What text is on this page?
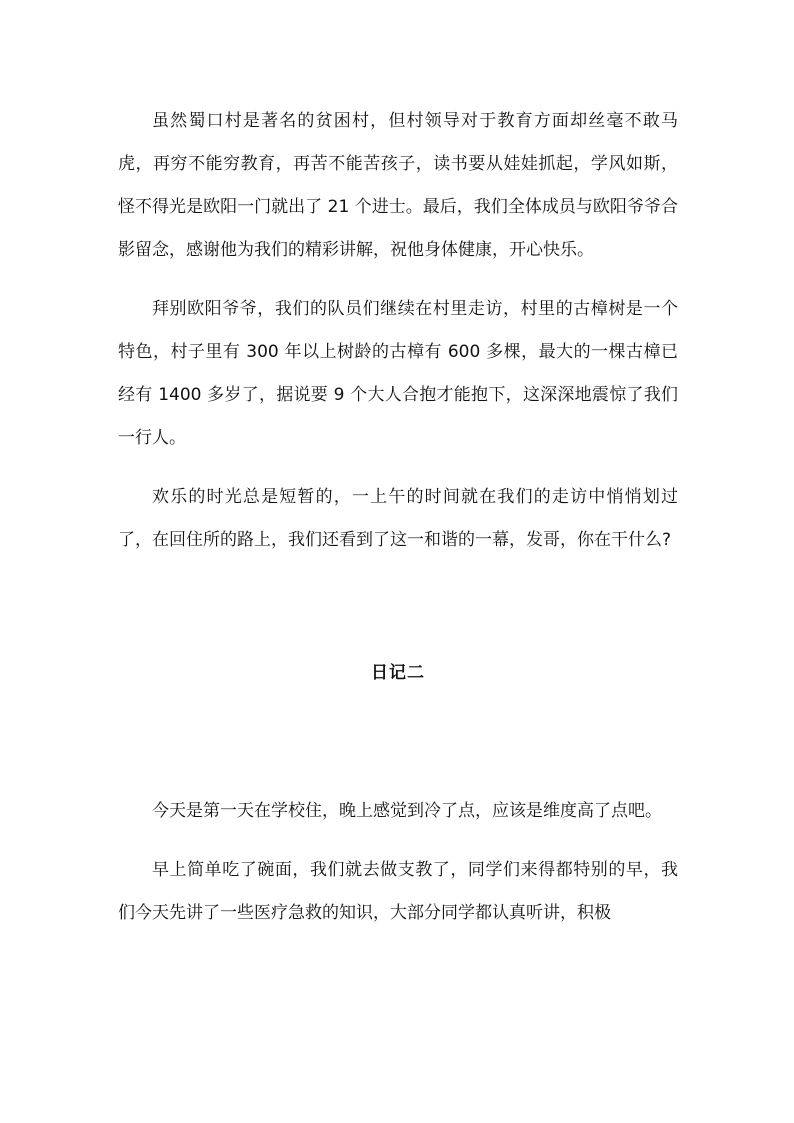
虽然蜀口村是著名的贫困村，但村领导对于教育方面却丝毫不敢马虎，再穷不能穷教育，再苦不能苦孩子，读书要从娃娃抓起，学风如斯，怪不得光是欧阳一门就出了 21 个进士。最后，我们全体成员与欧阳爷爷合影留念，感谢他为我们的精彩讲解，祝他身体健康，开心快乐。

拜别欧阳爷爷，我们的队员们继续在村里走访，村里的古樟树是一个特色，村子里有 300 年以上树龄的古樟有 600 多棵，最大的一棵古樟已经有 1400 多岁了，据说要 9 个大人合抱才能抱下，这深深地震惊了我们一行人。

欢乐的时光总是短暂的，一上午的时间就在我们的走访中悄悄划过了，在回住所的路上，我们还看到了这一和谐的一幕，发哥，你在干什么?

日记二

今天是第一天在学校住，晚上感觉到冷了点，应该是维度高了点吧。

早上简单吃了碗面，我们就去做支教了，同学们来得都特别的早，我们今天先讲了一些医疗急救的知识，大部分同学都认真听讲，积极
